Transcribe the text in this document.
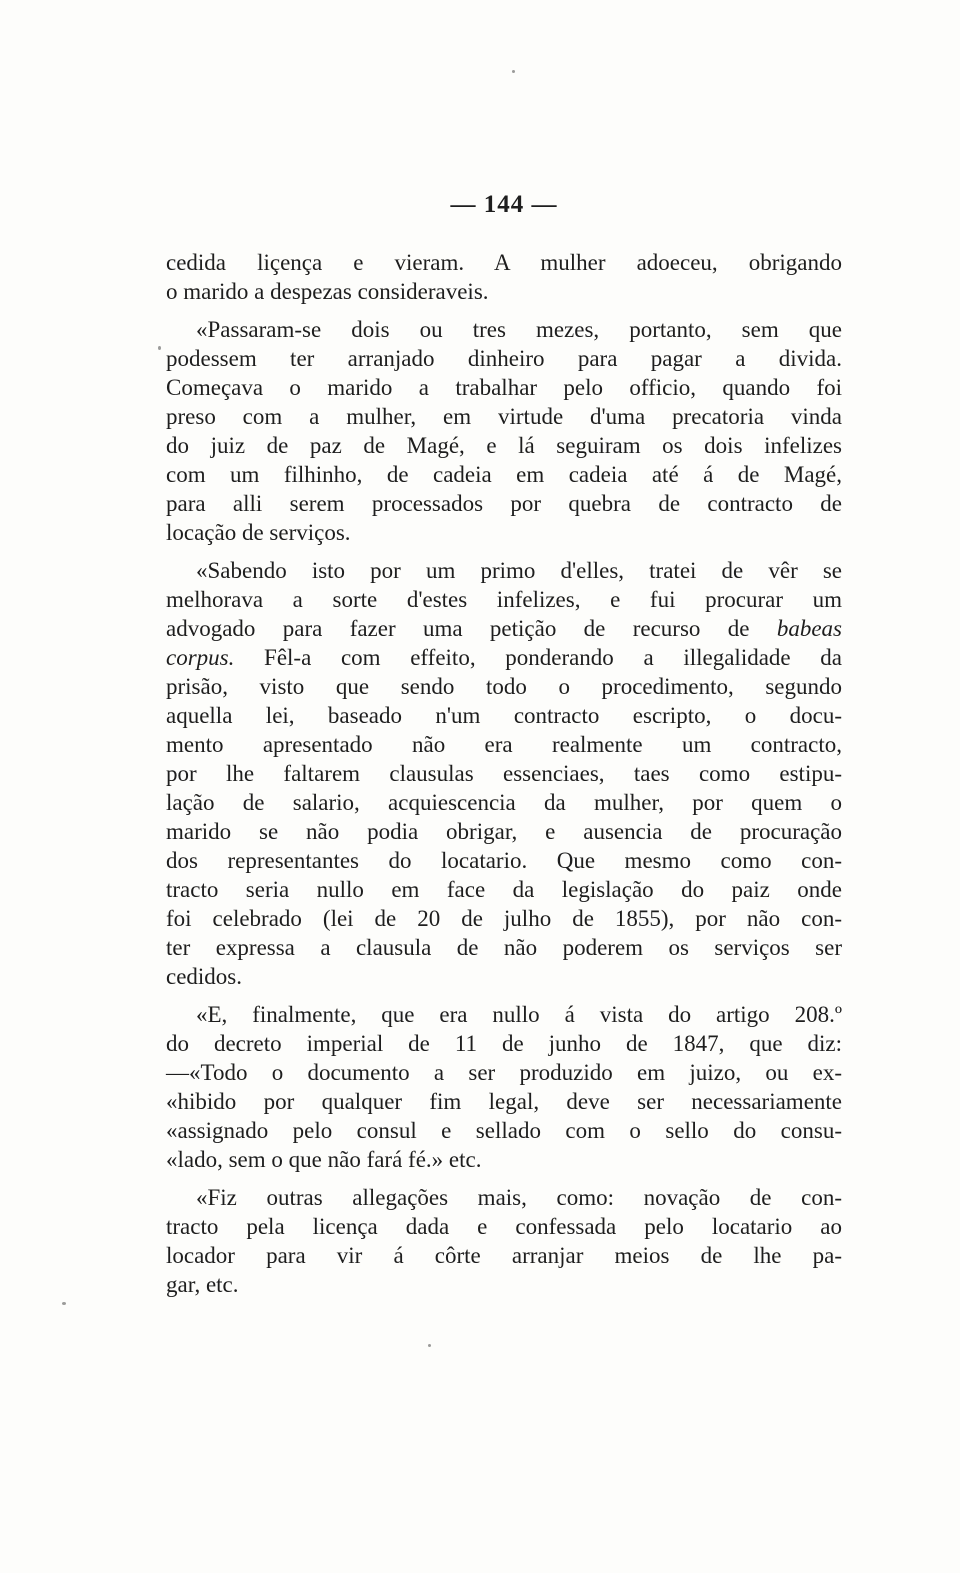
— 144 —
cedida liçença e vieram. A mulher adoeceu, obrigando
o marido a despezas consideraveis.
«Passaram-se dois ou tres mezes, portanto, sem que
podessem ter arranjado dinheiro para pagar a divida.
Começava o marido a trabalhar pelo officio, quando foi
preso com a mulher, em virtude d'uma precatoria vinda
do juiz de paz de Magé, e lá seguiram os dois infelizes
com um filhinho, de cadeia em cadeia até á de Magé,
para alli serem processados por quebra de contracto de
locação de serviços.
«Sabendo isto por um primo d'elles, tratei de vêr se
melhorava a sorte d'estes infelizes, e fui procurar um
advogado para fazer uma petição de recurso de babeas
corpus. Fêl-a com effeito, ponderando a illegalidade da
prisão, visto que sendo todo o procedimento, segundo
aquella lei, baseado n'um contracto escripto, o docu-
mento apresentado não era realmente um contracto,
por lhe faltarem clausulas essenciaes, taes como estipu-
lação de salario, acquiescencia da mulher, por quem o
marido se não podia obrigar, e ausencia de procuração
dos representantes do locatario. Que mesmo como con-
tracto seria nullo em face da legislação do paiz onde
foi celebrado (lei de 20 de julho de 1855), por não con-
ter expressa a clausula de não poderem os serviços ser
cedidos.
«E, finalmente, que era nullo á vista do artigo 208.º
do decreto imperial de 11 de junho de 1847, que diz:
—«Todo o documento a ser produzido em juizo, ou ex-
«hibido por qualquer fim legal, deve ser necessariamente
«assignado pelo consul e sellado com o sello do consu-
«lado, sem o que não fará fé.» etc.
«Fiz outras allegações mais, como: novação de con-
tracto pela licença dada e confessada pelo locatario ao
locador para vir á côrte arranjar meios de lhe pa-
gar, etc.
